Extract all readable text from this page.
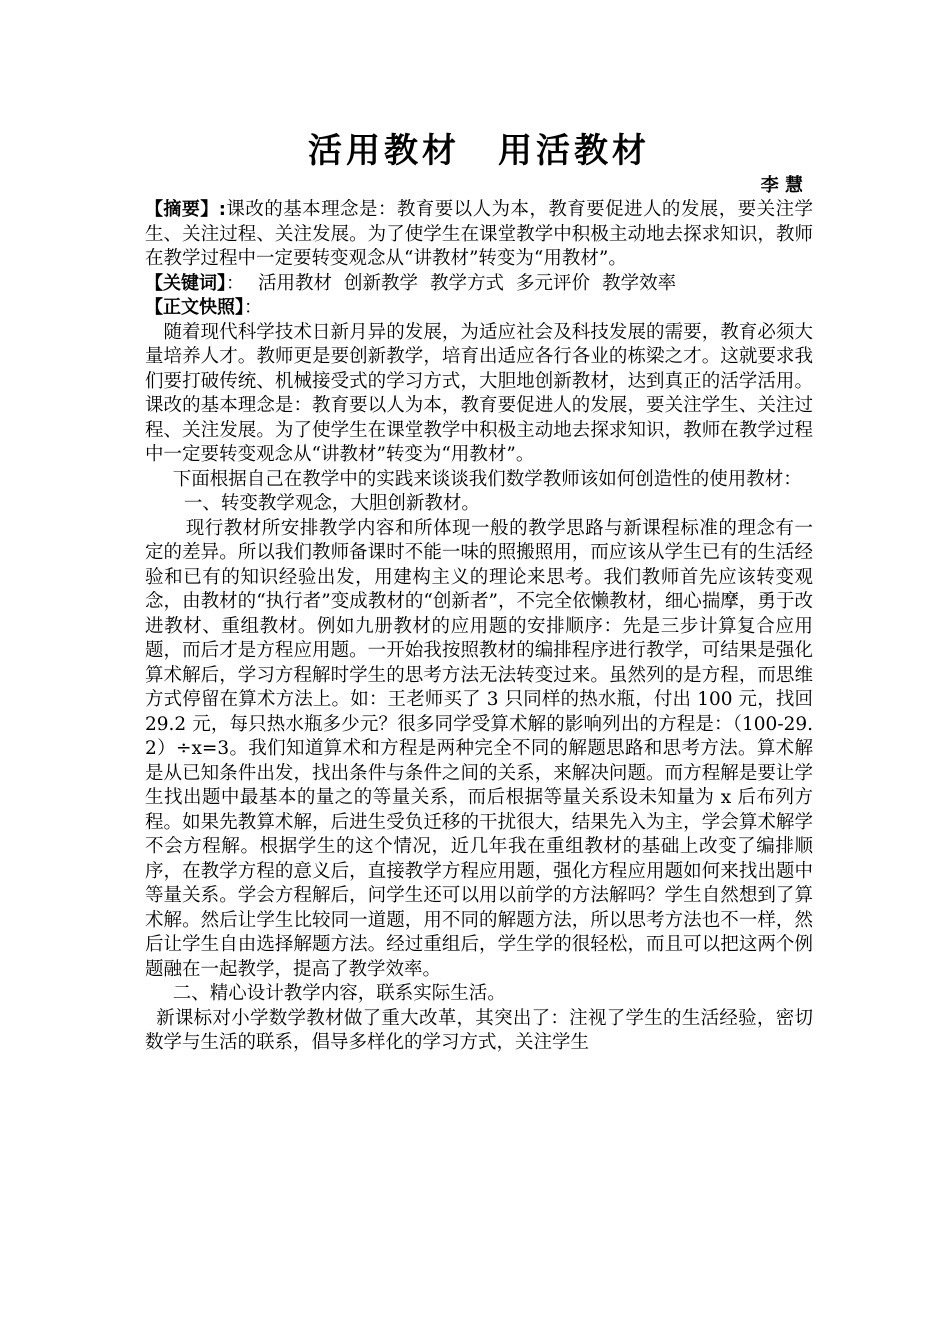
活用教材　用活教材
李 慧

【摘要】:课改的基本理念是：教育要以人为本，教育要促进人的发展，要关注学生、关注过程、关注发展。为了使学生在课堂教学中积极主动地去探求知识，教师在教学过程中一定要转变观念从“讲教材”转变为“用教材”。

【关键词】： 活用教材 创新教学 教学方式 多元评价 教学效率

【正文快照】：

随着现代科学技术日新月异的发展，为适应社会及科技发展的需要，教育必须大量培养人才。教师更是要创新教学，培育出适应各行各业的栋梁之才。这就要求我们要打破传统、机械接受式的学习方式，大胆地创新教材，达到真正的活学活用。课改的基本理念是：教育要以人为本，教育要促进人的发展，要关注学生、关注过程、关注发展。为了使学生在课堂教学中积极主动地去探求知识，教师在教学过程中一定要转变观念从“讲教材”转变为“用教材”。

下面根据自己在教学中的实践来谈谈我们数学教师该如何创造性的使用教材：

一、转变教学观念，大胆创新教材。

现行教材所安排教学内容和所体现一般的教学思路与新课程标准的理念有一定的差异。所以我们教师备课时不能一味的照搬照用，而应该从学生已有的生活经验和已有的知识经验出发，用建构主义的理论来思考。我们教师首先应该转变观念，由教材的“执行者”变成教材的“创新者”，不完全依懒教材，细心揣摩，勇于改进教材、重组教材。例如九册教材的应用题的安排顺序：先是三步计算复合应用题，而后才是方程应用题。一开始我按照教材的编排程序进行教学，可结果是强化算术解后，学习方程解时学生的思考方法无法转变过来。虽然列的是方程，而思维方式停留在算术方法上。如：王老师买了 3 只同样的热水瓶，付出 100 元，找回 29.2 元，每只热水瓶多少元？很多同学受算术解的影响列出的方程是：（100-29.2）÷x=3。我们知道算术和方程是两种完全不同的解题思路和思考方法。算术解是从已知条件出发，找出条件与条件之间的关系，来解决问题。而方程解是要让学生找出题中最基本的量之的等量关系，而后根据等量关系设未知量为 x 后布列方程。如果先教算术解，后进生受负迁移的干扰很大，结果先入为主，学会算术解学不会方程解。根据学生的这个情况，近几年我在重组教材的基础上改变了编排顺序，在教学方程的意义后，直接教学方程应用题，强化方程应用题如何来找出题中等量关系。学会方程解后，问学生还可以用以前学的方法解吗？学生自然想到了算术解。然后让学生比较同一道题，用不同的解题方法，所以思考方法也不一样，然后让学生自由选择解题方法。经过重组后，学生学的很轻松，而且可以把这两个例题融在一起教学，提高了教学效率。

二、精心设计教学内容，联系实际生活。

新课标对小学数学教材做了重大改革，其突出了：注视了学生的生活经验，密切数学与生活的联系，倡导多样化的学习方式，关注学生
